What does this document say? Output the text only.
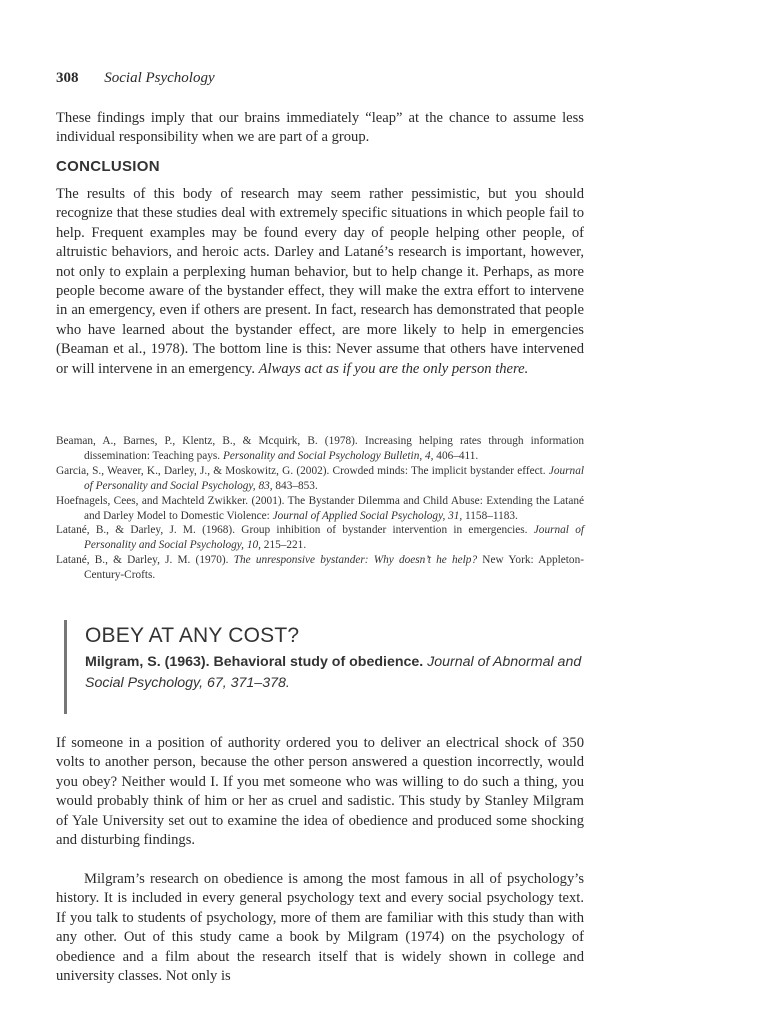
308 Social Psychology

These findings imply that our brains immediately “leap” at the chance to assume less individual responsibility when we are part of a group.

CONCLUSION

The results of this body of research may seem rather pessimistic, but you should recognize that these studies deal with extremely specific situations in which people fail to help. Frequent examples may be found every day of people helping other people, of altruistic behaviors, and heroic acts. Darley and Latané’s research is important, however, not only to explain a perplexing human behavior, but to help change it. Perhaps, as more people become aware of the bystander effect, they will make the extra effort to intervene in an emergency, even if others are present. In fact, research has demonstrated that people who have learned about the bystander effect, are more likely to help in emergencies (Beaman et al., 1978). The bottom line is this: Never assume that others have intervened or will intervene in an emergency. Always act as if you are the only person there.

Beaman, A., Barnes, P., Klentz, B., & Mcquirk, B. (1978). Increasing helping rates through information dissemination: Teaching pays. Personality and Social Psychology Bulletin, 4, 406–411.
Garcia, S., Weaver, K., Darley, J., & Moskowitz, G. (2002). Crowded minds: The implicit bystander effect. Journal of Personality and Social Psychology, 83, 843–853.
Hoefnagels, Cees, and Machteld Zwikker. (2001). The Bystander Dilemma and Child Abuse: Extending the Latané and Darley Model to Domestic Violence: Journal of Applied Social Psychology, 31, 1158–1183.
Latané, B., & Darley, J. M. (1968). Group inhibition of bystander intervention in emergencies. Journal of Personality and Social Psychology, 10, 215–221.
Latané, B., & Darley, J. M. (1970). The unresponsive bystander: Why doesn’t he help? New York: Appleton-Century-Crofts.
OBEY AT ANY COST?
Milgram, S. (1963). Behavioral study of obedience. Journal of Abnormal and Social Psychology, 67, 371–378.

If someone in a position of authority ordered you to deliver an electrical shock of 350 volts to another person, because the other person answered a question incorrectly, would you obey? Neither would I. If you met someone who was willing to do such a thing, you would probably think of him or her as cruel and sadistic. This study by Stanley Milgram of Yale University set out to examine the idea of obedience and produced some shocking and disturbing findings.

Milgram’s research on obedience is among the most famous in all of psychology’s history. It is included in every general psychology text and every social psychology text. If you talk to students of psychology, more of them are familiar with this study than with any other. Out of this study came a book by Milgram (1974) on the psychology of obedience and a film about the research itself that is widely shown in college and university classes. Not only is
